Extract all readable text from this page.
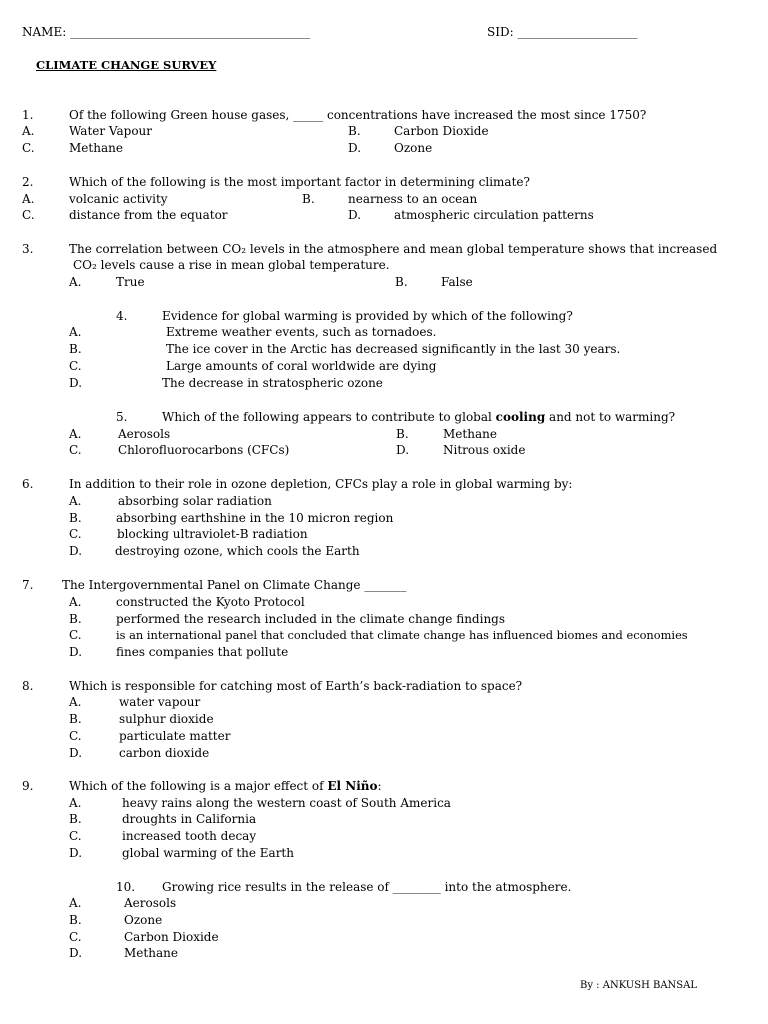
NAME: ________________________________________	SID: ____________________
CLIMATE CHANGE SURVEY
1.	Of the following Green house gases, _____ concentrations have increased the most since 1750?
A.	Water Vapour	B.	Carbon Dioxide
C.	Methane	D.	Ozone
2.	Which of the following is the most important factor in determining climate?
A.	volcanic activity	B.	nearness to an ocean
C.	distance from the equator	D.	atmospheric circulation patterns
3.	The correlation between CO₂ levels in the atmosphere and mean global temperature shows that increased
CO₂ levels cause a rise in mean global temperature.
A.	True	B.	False
4.	Evidence for global warming is provided by which of the following?
A.	Extreme weather events, such as tornadoes.
B.	The ice cover in the Arctic has decreased significantly in the last 30 years.
C.	Large amounts of coral worldwide are dying
D.	The decrease in stratospheric ozone
5.	Which of the following appears to contribute to global cooling and not to warming?
A.	Aerosols	B.	Methane
C.	Chlorofluorocarbons (CFCs)	D.	Nitrous oxide
6.	In addition to their role in ozone depletion, CFCs play a role in global warming by:
A.	absorbing solar radiation
B.	absorbing earthshine in the 10 micron region
C.	blocking ultraviolet-B radiation
D.	destroying ozone, which cools the Earth
7. The Intergovernmental Panel on Climate Change _______
A.	constructed the Kyoto Protocol
B.	performed the research included in the climate change findings
C.	is an international panel that concluded that climate change has influenced biomes and economies
D.	fines companies that pollute
8.	Which is responsible for catching most of Earth’s back-radiation to space?
A.	water vapour
B.	sulphur dioxide
C.	particulate matter
D.	carbon dioxide
9.	Which of the following is a major effect of El Niño:
A.	heavy rains along the western coast of South America
B.	droughts in California
C.	increased tooth decay
D.	global warming of the Earth
10. Growing rice results in the release of ________ into the atmosphere.
A.	Aerosols
B.	Ozone
C.	Carbon Dioxide
D.	Methane
By : ANKUSH BANSAL
